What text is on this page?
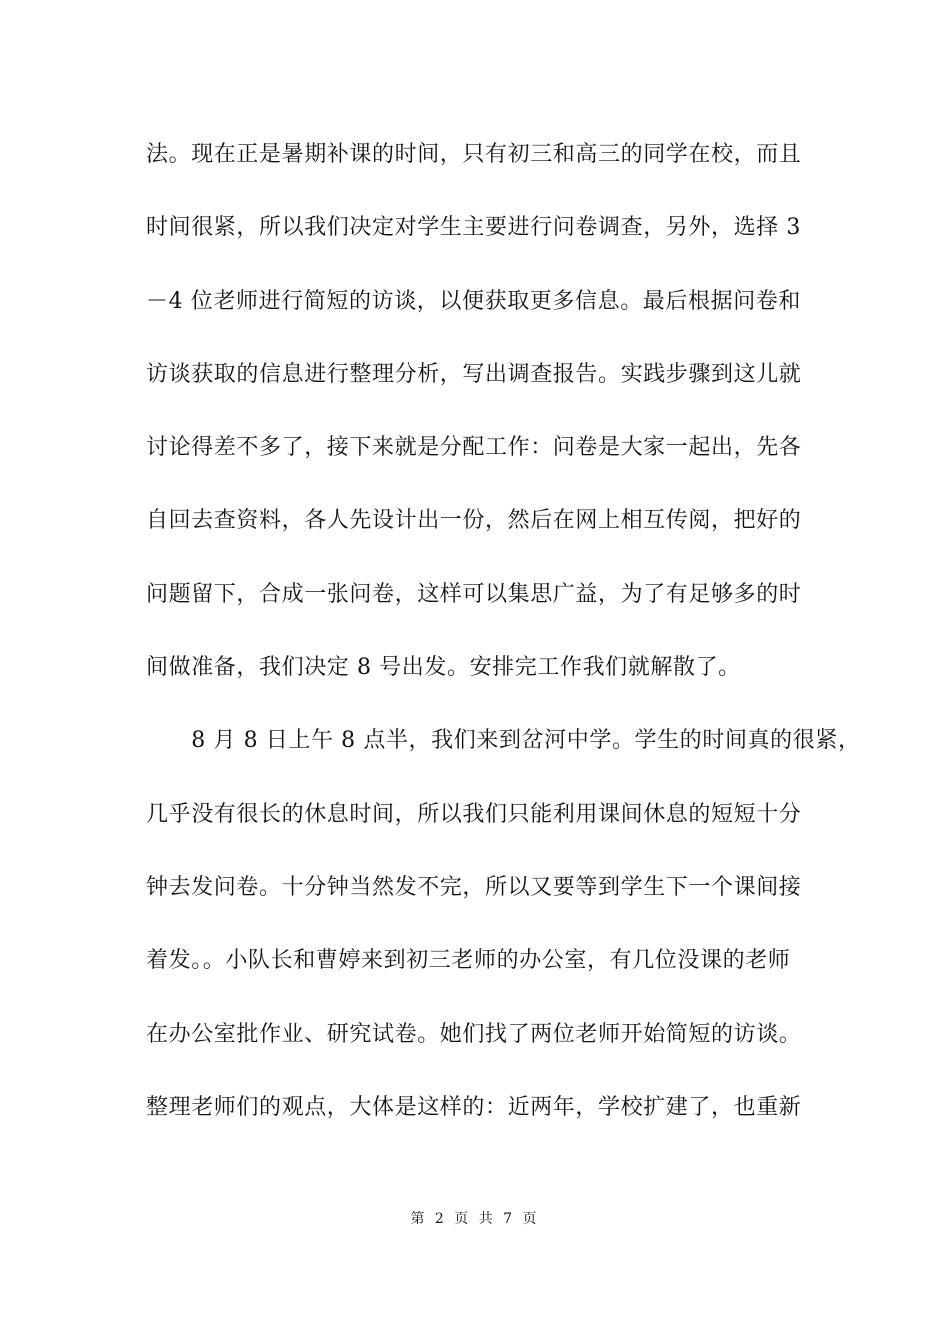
法。现在正是暑期补课的时间，只有初三和高三的同学在校，而且
时间很紧，所以我们决定对学生主要进行问卷调查，另外，选择 3
－4 位老师进行简短的访谈，以便获取更多信息。最后根据问卷和
访谈获取的信息进行整理分析，写出调查报告。实践步骤到这儿就
讨论得差不多了，接下来就是分配工作：问卷是大家一起出，先各
自回去查资料，各人先设计出一份，然后在网上相互传阅，把好的
问题留下，合成一张问卷，这样可以集思广益，为了有足够多的时
间做准备，我们决定 8 号出发。安排完工作我们就解散了。
　　8 月 8 日上午 8 点半，我们来到岔河中学。学生的时间真的很紧，
几乎没有很长的休息时间，所以我们只能利用课间休息的短短十分
钟去发问卷。十分钟当然发不完，所以又要等到学生下一个课间接
着发。。小队长和曹婷来到初三老师的办公室，有几位没课的老师
在办公室批作业、研究试卷。她们找了两位老师开始简短的访谈。
整理老师们的观点，大体是这样的：近两年，学校扩建了，也重新
第 2 页 共 7 页
